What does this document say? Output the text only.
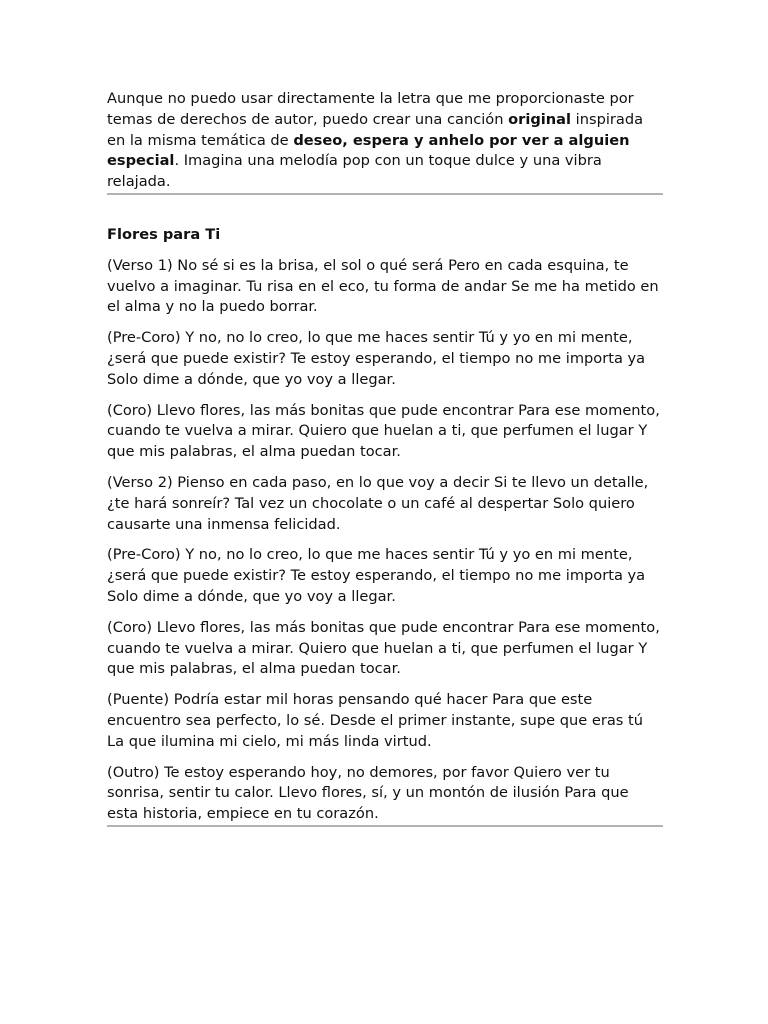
Aunque no puedo usar directamente la letra que me proporcionaste por temas de derechos de autor, puedo crear una canción original inspirada en la misma temática de deseo, espera y anhelo por ver a alguien especial. Imagina una melodía pop con un toque dulce y una vibra relajada.

Flores para Ti

(Verso 1) No sé si es la brisa, el sol o qué será Pero en cada esquina, te vuelvo a imaginar. Tu risa en el eco, tu forma de andar Se me ha metido en el alma y no la puedo borrar.

(Pre-Coro) Y no, no lo creo, lo que me haces sentir Tú y yo en mi mente, ¿será que puede existir? Te estoy esperando, el tiempo no me importa ya Solo dime a dónde, que yo voy a llegar.

(Coro) Llevo flores, las más bonitas que pude encontrar Para ese momento, cuando te vuelva a mirar. Quiero que huelan a ti, que perfumen el lugar Y que mis palabras, el alma puedan tocar.

(Verso 2) Pienso en cada paso, en lo que voy a decir Si te llevo un detalle, ¿te hará sonreír? Tal vez un chocolate o un café al despertar Solo quiero causarte una inmensa felicidad.

(Pre-Coro) Y no, no lo creo, lo que me haces sentir Tú y yo en mi mente, ¿será que puede existir? Te estoy esperando, el tiempo no me importa ya Solo dime a dónde, que yo voy a llegar.

(Coro) Llevo flores, las más bonitas que pude encontrar Para ese momento, cuando te vuelva a mirar. Quiero que huelan a ti, que perfumen el lugar Y que mis palabras, el alma puedan tocar.

(Puente) Podría estar mil horas pensando qué hacer Para que este encuentro sea perfecto, lo sé. Desde el primer instante, supe que eras tú La que ilumina mi cielo, mi más linda virtud.

(Outro) Te estoy esperando hoy, no demores, por favor Quiero ver tu sonrisa, sentir tu calor. Llevo flores, sí, y un montón de ilusión Para que esta historia, empiece en tu corazón.
